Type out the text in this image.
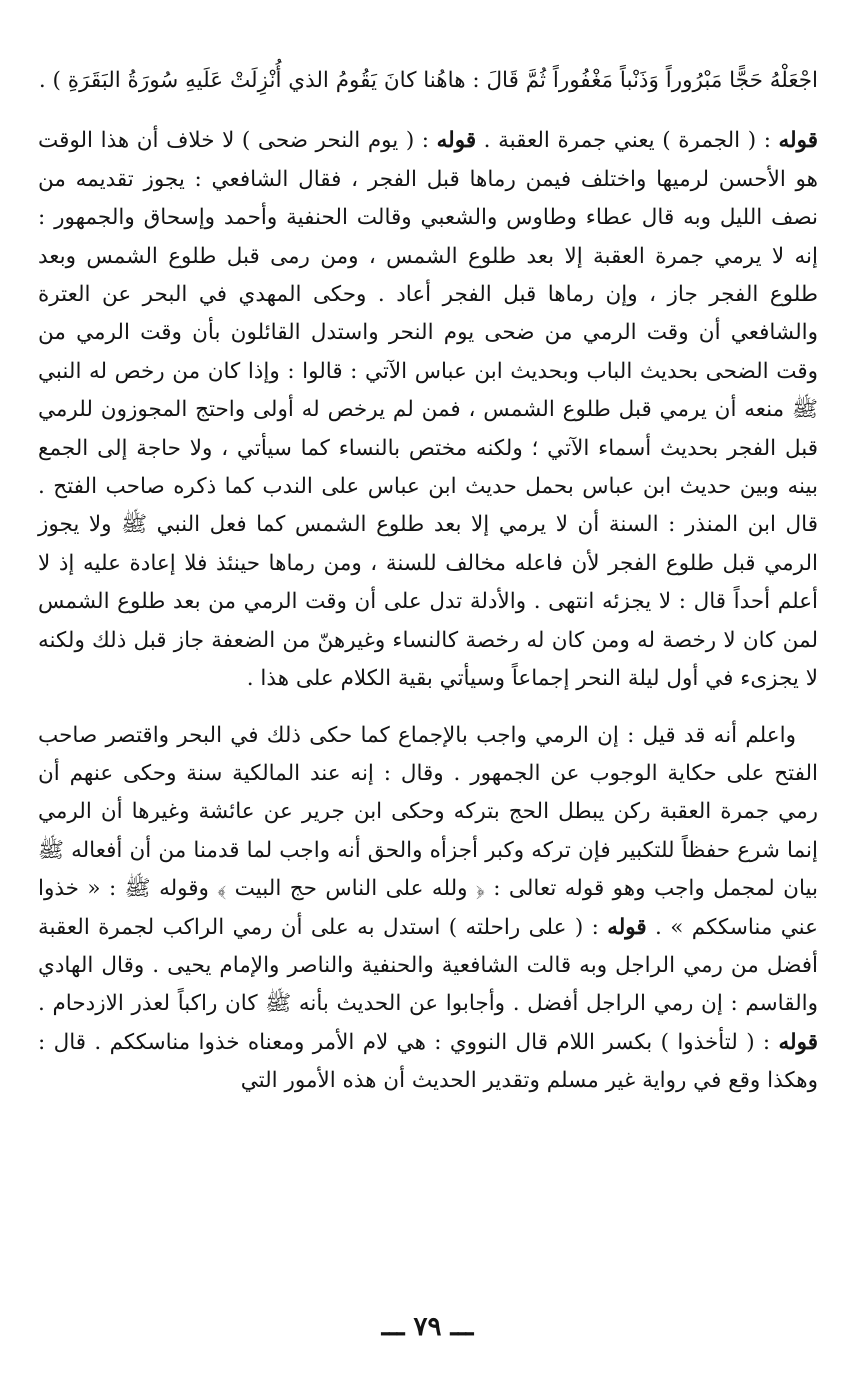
اجْعَلْهُ حَجًّا مَبْرُوراً وَذَنْباً مَغْفُوراً ثُمَّ قَالَ : هاهُنا كانَ يَقُومُ الذي أُنْزِلَتْ عَلَيهِ سُورَةُ البَقَرَةِ ) .

قوله : ( الجمرة ) يعني جمرة العقبة . قوله : ( يوم النحر ضحى ) لا خلاف أن هذا الوقت هو الأحسن لرميها واختلف فيمن رماها قبل الفجر ، فقال الشافعي : يجوز تقديمه من نصف الليل وبه قال عطاء وطاوس والشعبي وقالت الحنفية وأحمد وإسحاق والجمهور : إنه لا يرمي جمرة العقبة إلا بعد طلوع الشمس ، ومن رمى قبل طلوع الشمس وبعد طلوع الفجر جاز ، وإن رماها قبل الفجر أعاد . وحكى المهدي في البحر عن العترة والشافعي أن وقت الرمي من ضحى يوم النحر واستدل القائلون بأن وقت الرمي من وقت الضحى بحديث الباب وبحديث ابن عباس الآتي : قالوا : وإذا كان من رخص له النبي ﷺ منعه أن يرمي قبل طلوع الشمس ، فمن لم يرخص له أولى واحتج المجوزون للرمي قبل الفجر بحديث أسماء الآتي ؛ ولكنه مختص بالنساء كما سيأتي ، ولا حاجة إلى الجمع بينه وبين حديث ابن عباس بحمل حديث ابن عباس على الندب كما ذكره صاحب الفتح . قال ابن المنذر : السنة أن لا يرمي إلا بعد طلوع الشمس كما فعل النبي ﷺ ولا يجوز الرمي قبل طلوع الفجر لأن فاعله مخالف للسنة ، ومن رماها حينئذ فلا إعادة عليه إذ لا أعلم أحداً قال : لا يجزئه انتهى . والأدلة تدل على أن وقت الرمي من بعد طلوع الشمس لمن كان لا رخصة له ومن كان له رخصة كالنساء وغيرهنّ من الضعفة جاز قبل ذلك ولكنه لا يجزىء في أول ليلة النحر إجماعاً وسيأتي بقية الكلام على هذا .

واعلم أنه قد قيل : إن الرمي واجب بالإجماع كما حكى ذلك في البحر واقتصر صاحب الفتح على حكاية الوجوب عن الجمهور . وقال : إنه عند المالكية سنة وحكى عنهم أن رمي جمرة العقبة ركن يبطل الحج بتركه وحكى ابن جرير عن عائشة وغيرها أن الرمي إنما شرع حفظاً للتكبير فإن تركه وكبر أجزأه والحق أنه واجب لما قدمنا من أن أفعاله ﷺ بيان لمجمل واجب وهو قوله تعالى : ﴿ ولله على الناس حج البيت ﴾ وقوله ﷺ : « خذوا عني مناسككم » . قوله : ( على راحلته ) استدل به على أن رمي الراكب لجمرة العقبة أفضل من رمي الراجل وبه قالت الشافعية والحنفية والناصر والإمام يحيى . وقال الهادي والقاسم : إن رمي الراجل أفضل . وأجابوا عن الحديث بأنه ﷺ كان راكباً لعذر الازدحام . قوله : ( لتأخذوا ) بكسر اللام قال النووي : هي لام الأمر ومعناه خذوا مناسككم . قال : وهكذا وقع في رواية غير مسلم وتقدير الحديث أن هذه الأمور التي

ـــ ٧٩ ـــ
